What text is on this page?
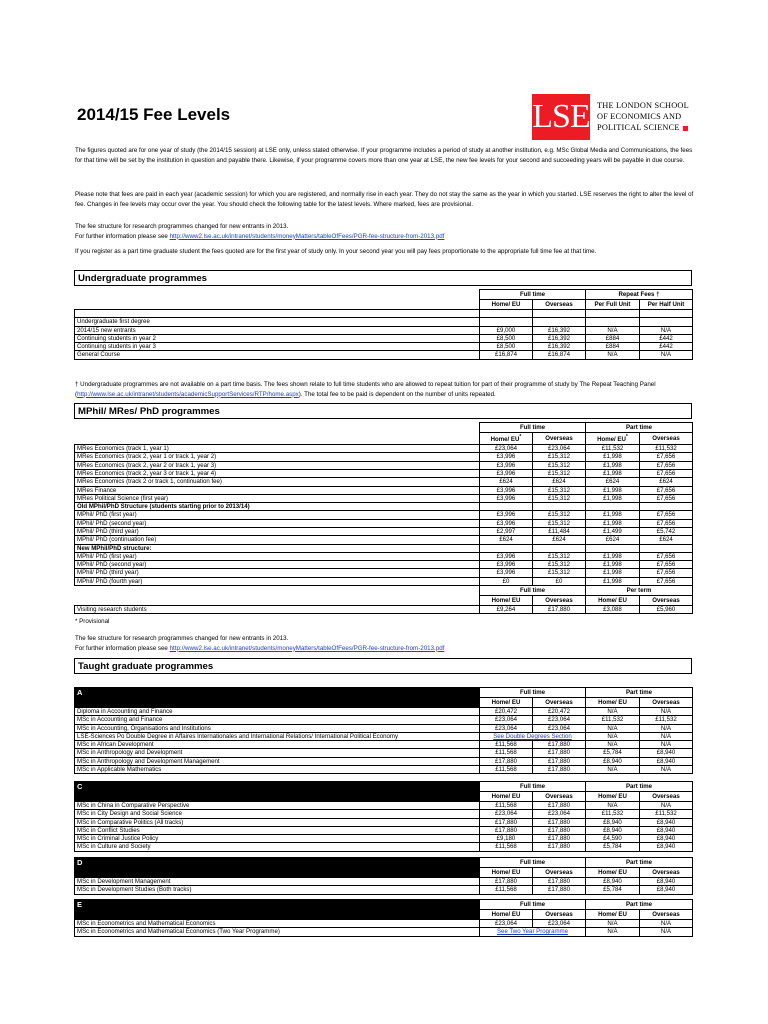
2014/15 Fee Levels	LSE THE LONDON SCHOOL
OF ECONOMICS AND
POLITICAL SCIENCE
The figures quoted are for one year of study (the 2014/15 session) at LSE only, unless stated otherwise. If your programme includes a period of study at another institution, e.g. MSc Global Media and Communications, the fees for that time will be set by the institution in question and payable there. Likewise, if your programme covers more than one year at LSE, the new fee levels for your second and succeeding years will be payable in due course.
Please note that fees are paid in each year (academic session) for which you are registered, and normally rise in each year. They do not stay the same as the year in which you started. LSE reserves the right to alter the level of fee. Changes in fee levels may occur over the year. You should check the following table for the latest levels. Where marked, fees are provisional.
The fee structure for research programmes changed for new entrants in 2013.
For further information please see http://www2.lse.ac.uk/intranet/students/moneyMatters/tableOfFees/PGR-fee-structure-from-2013.pdf
If you register as a part time graduate student the fees quoted are for the first year of study only. In your second year you will pay fees proportionate to the appropriate full time fee at that time.
Undergraduate programmes
	Full time		Repeat Fees †	
	Home/ EU	Overseas	Per Full Unit	Per Half Unit

Undergraduate first degree				
2014/15 new entrants	£9,000	£16,392	N/A	N/A
Continuing students in year 2	£8,500	£16,392	£884	£442
Continuing students in year 3	£8,500	£16,392	£884	£442
General Course	£16,874	£16,874	N/A	N/A
† Undergraduate programmes are not available on a part time basis. The fees shown relate to full time students who are allowed to repeat tuition for part of their programme of study by The Repeat Teaching Panel (http://www.lse.ac.uk/intranet/students/academicSupportServices/RTP/home.aspx). The total fee to be paid is dependent on the number of units repeated.
MPhil/ MRes/ PhD programmes
	Full time		Part time	
	Home/ EU*	Overseas	Home/ EU*	Overseas
MRes Economics (track 1, year 1)	£23,064	£23,064	£11,532	£11,532
MRes Economics (track 2, year 1 or track 1, year 2)	£3,996	£15,312	£1,998	£7,656
MRes Economics (track 2, year 2 or track 1, year 3)	£3,996	£15,312	£1,998	£7,656
MRes Economics (track 2, year 3 or track 1, year 4)	£3,996	£15,312	£1,998	£7,656
MRes Economics (track 2 or track 1, continuation fee)	£624	£624	£624	£624
MRes Finance	£3,996	£15,312	£1,998	£7,656
MRes Political Science (first year)	£3,996	£15,312	£1,998	£7,656
Old MPhil/PhD Structure (students starting prior to 2013/14)				
MPhil/ PhD (first year)	£3,996	£15,312	£1,998	£7,656
MPhil/ PhD (second year)	£3,996	£15,312	£1,998	£7,656
MPhil/ PhD (third year)	£2,997	£11,484	£1,499	£5,742
MPhil/ PhD (continuation fee)	£624	£624	£624	£624
New MPhil/PhD structure:				
MPhil/ PhD (first year)	£3,996	£15,312	£1,998	£7,656
MPhil/ PhD (second year)	£3,996	£15,312	£1,998	£7,656
MPhil/ PhD (third year)	£3,996	£15,312	£1,998	£7,656
MPhil/ PhD (fourth year)	£0	£0	£1,998	£7,656
	Full time		Per term	
	Home/ EU	Overseas	Home/ EU	Overseas
Visiting research students	£9,264	£17,880	£3,088	£5,960
* Provisional
The fee structure for research programmes changed for new entrants in 2013.
For further information please see http://www2.lse.ac.uk/intranet/students/moneyMatters/tableOfFees/PGR-fee-structure-from-2013.pdf
Taught graduate programmes
A	Full time		Part time	
	Home/ EU	Overseas	Home/ EU	Overseas
Diploma in Accounting and Finance	£20,472	£20,472	N/A	N/A
MSc in Accounting and Finance	£23,064	£23,064	£11,532	£11,532
MSc in Accounting, Organisations and Institutions	£23,064	£23,064	N/A	N/A
LSE-Sciences Po Double Degree in Affaires Internationales and International Relations/ International Political Economy	See Double Degrees Section		N/A	N/A
MSc in African Development	£11,568	£17,880	N/A	N/A
MSc in Anthropology and Development	£11,568	£17,880	£5,784	£8,940
MSc in Anthropology and Development Management	£17,880	£17,880	£8,940	£8,940
MSc in Applicable Mathematics	£11,568	£17,880	N/A	N/A
C	Full time		Part time	
	Home/ EU	Overseas	Home/ EU	Overseas
MSc in China in Comparative Perspective	£11,568	£17,880	N/A	N/A
MSc in City Design and Social Science	£23,064	£23,064	£11,532	£11,532
MSc in Comparative Politics (All tracks)	£17,880	£17,880	£8,940	£8,940
MSc in Conflict Studies	£17,880	£17,880	£8,940	£8,940
MSc in Criminal Justice Policy	£9,180	£17,880	£4,590	£8,940
MSc in Culture and Society	£11,568	£17,880	£5,784	£8,940
D	Full time		Part time	
	Home/ EU	Overseas	Home/ EU	Overseas
MSc in Development Management	£17,880	£17,880	£8,940	£8,940
MSc in Development Studies (Both tracks)	£11,568	£17,880	£5,784	£8,940
E	Full time		Part time	
	Home/ EU	Overseas	Home/ EU	Overseas
MSc in Econometrics and Mathematical Economics	£23,064	£23,064	N/A	N/A
MSc in Econometrics and Mathematical Economics (Two Year Programme)	See Two Year Programme		N/A	N/A
